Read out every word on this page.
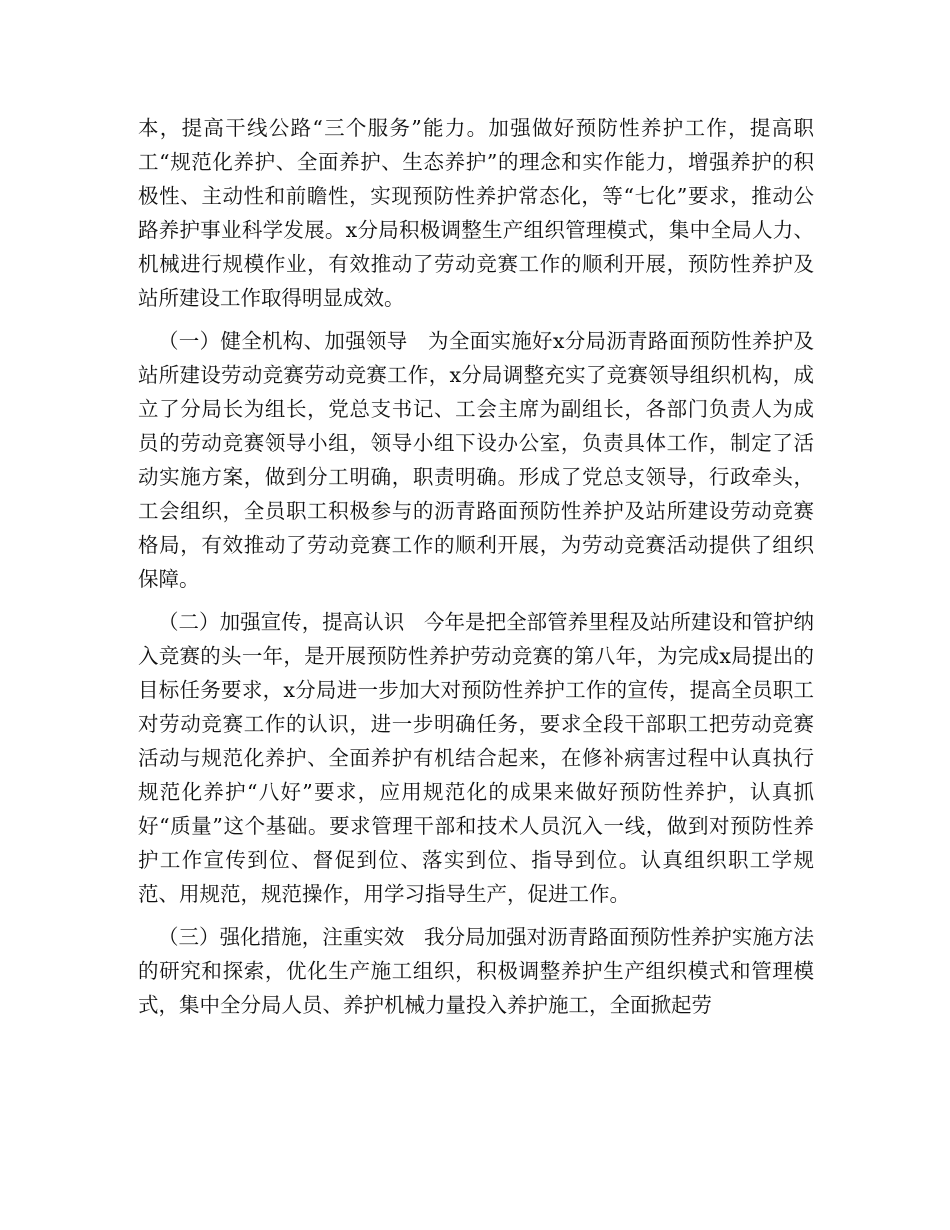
本，提高干线公路“三个服务”能力。加强做好预防性养护工作，提高职工“规范化养护、全面养护、生态养护”的理念和实作能力，增强养护的积极性、主动性和前瞻性，实现预防性养护常态化，等“七化”要求，推动公路养护事业科学发展。x分局积极调整生产组织管理模式，集中全局人力、机械进行规模作业，有效推动了劳动竞赛工作的顺利开展，预防性养护及站所建设工作取得明显成效。

（一）健全机构、加强领导 为全面实施好x分局沥青路面预防性养护及站所建设劳动竞赛劳动竞赛工作，x分局调整充实了竞赛领导组织机构，成立了分局长为组长，党总支书记、工会主席为副组长，各部门负责人为成员的劳动竞赛领导小组，领导小组下设办公室，负责具体工作，制定了活动实施方案，做到分工明确，职责明确。形成了党总支领导，行政牵头，工会组织，全员职工积极参与的沥青路面预防性养护及站所建设劳动竞赛格局，有效推动了劳动竞赛工作的顺利开展，为劳动竞赛活动提供了组织保障。

（二）加强宣传，提高认识 今年是把全部管养里程及站所建设和管护纳入竞赛的头一年，是开展预防性养护劳动竞赛的第八年，为完成x局提出的目标任务要求，x分局进一步加大对预防性养护工作的宣传，提高全员职工对劳动竞赛工作的认识，进一步明确任务，要求全段干部职工把劳动竞赛活动与规范化养护、全面养护有机结合起来，在修补病害过程中认真执行规范化养护“八好”要求，应用规范化的成果来做好预防性养护，认真抓好“质量”这个基础。要求管理干部和技术人员沉入一线，做到对预防性养护工作宣传到位、督促到位、落实到位、指导到位。认真组织职工学规范、用规范，规范操作，用学习指导生产，促进工作。

（三）强化措施，注重实效 我分局加强对沥青路面预防性养护实施方法的研究和探索，优化生产施工组织，积极调整养护生产组织模式和管理模式，集中全分局人员、养护机械力量投入养护施工，全面掀起劳
